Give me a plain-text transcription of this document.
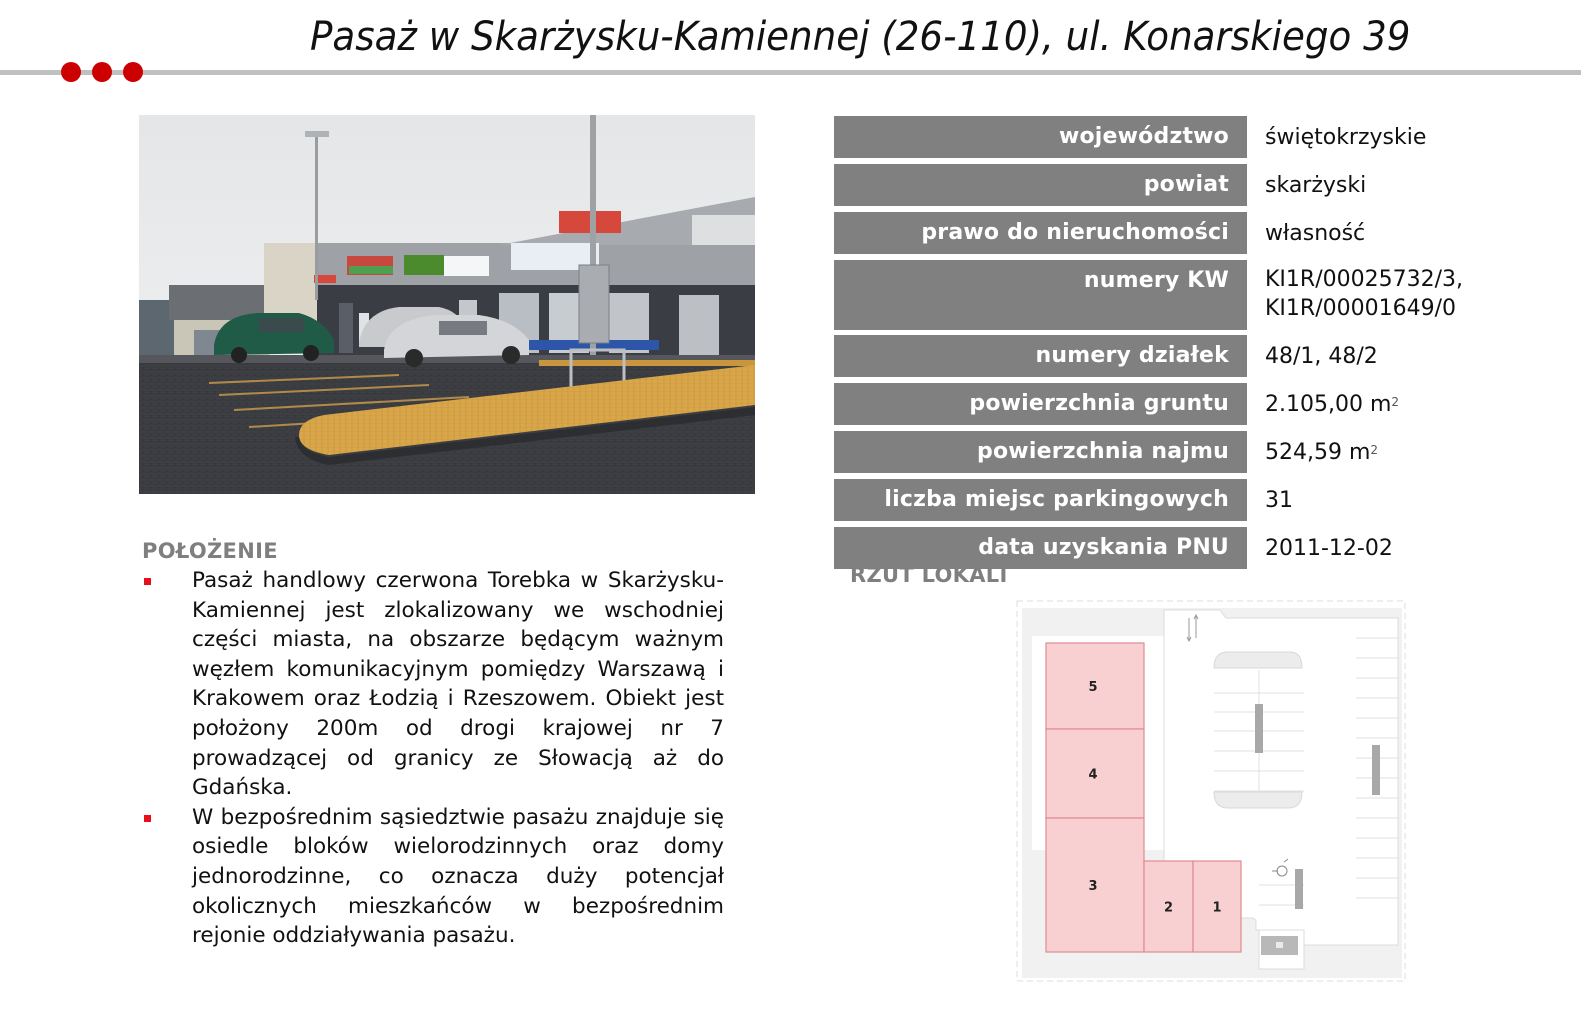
Pasaż w Skarżysku-Kamiennej (26-110), ul. Konarskiego 39
województwo	świętokrzyskie
powiat	skarżyski
prawo do nieruchomości	własność
numery KW	KI1R/00025732/3,
KI1R/00001649/0
numery działek	48/1, 48/2
powierzchnia gruntu	2.105,00 $m^2$
powierzchnia najmu	524,59 $m^2$
liczba miejsc parkingowych	31
data uzyskania PNU	2011-12-02
POŁOŻENIE
Pasaż handlowy czerwona Torebka w Skarżysku-Kamiennej jest zlokalizowany we wschodniej części miasta, na obszarze będącym ważnym węzłem komunikacyjnym pomiędzy Warszawą i Krakowem oraz Łodzią i Rzeszowem. Obiekt jest położony 200m od drogi krajowej nr 7 prowadzącej od granicy ze Słowacją aż do Gdańska.
W bezpośrednim sąsiedztwie pasażu znajduje się osiedle bloków wielorodzinnych oraz domy jednorodzinne, co oznacza duży potencjał okolicznych mieszkańców w bezpośrednim rejonie oddziaływania pasażu.
RZUT LOKALI
5
4
3
2	1
